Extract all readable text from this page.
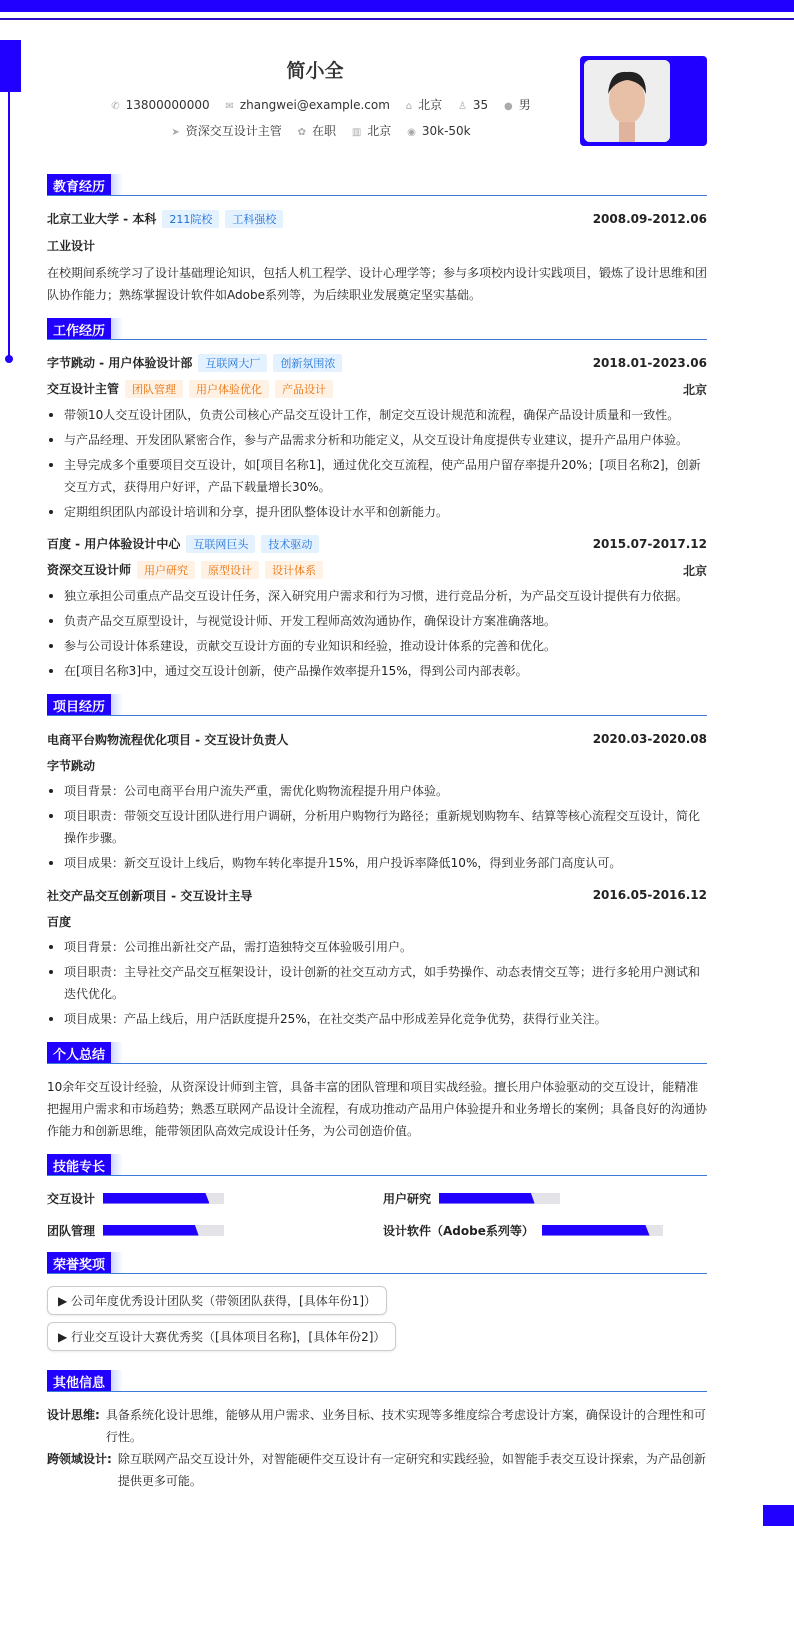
简小全
✆ 13800000000 ✉ zhangwei@example.com ⌂ 北京 ♙ 35 ● 男
➤ 资深交互设计主管 ✿ 在职 ▥ 北京 ◉ 30k-50k
教育经历
北京工业大学 - 本科 211院校 工科强校	2008.09-2012.06
工业设计

在校期间系统学习了设计基础理论知识，包括人机工程学、设计心理学等；参与多项校内设计实践项目，锻炼了设计思维和团队协作能力；熟练掌握设计软件如Adobe系列等，为后续职业发展奠定坚实基础。

工作经历
字节跳动 - 用户体验设计部 互联网大厂 创新氛围浓	2018.01-2023.06
交互设计主管 团队管理 用户体验优化 产品设计	北京
带领10人交互设计团队，负责公司核心产品交互设计工作，制定交互设计规范和流程，确保产品设计质量和一致性。
与产品经理、开发团队紧密合作，参与产品需求分析和功能定义，从交互设计角度提供专业建议，提升产品用户体验。
主导完成多个重要项目交互设计，如[项目名称1]，通过优化交互流程，使产品用户留存率提升20%；[项目名称2]，创新交互方式，获得用户好评，产品下载量增长30%。
定期组织团队内部设计培训和分享，提升团队整体设计水平和创新能力。
百度 - 用户体验设计中心 互联网巨头 技术驱动	2015.07-2017.12
资深交互设计师 用户研究 原型设计 设计体系	北京
独立承担公司重点产品交互设计任务，深入研究用户需求和行为习惯，进行竞品分析，为产品交互设计提供有力依据。
负责产品交互原型设计，与视觉设计师、开发工程师高效沟通协作，确保设计方案准确落地。
参与公司设计体系建设，贡献交互设计方面的专业知识和经验，推动设计体系的完善和优化。
在[项目名称3]中，通过交互设计创新，使产品操作效率提升15%，得到公司内部表彰。
项目经历
电商平台购物流程优化项目 - 交互设计负责人	2020.03-2020.08
字节跳动
项目背景：公司电商平台用户流失严重，需优化购物流程提升用户体验。
项目职责：带领交互设计团队进行用户调研，分析用户购物行为路径；重新规划购物车、结算等核心流程交互设计，简化操作步骤。
项目成果：新交互设计上线后，购物车转化率提升15%，用户投诉率降低10%，得到业务部门高度认可。
社交产品交互创新项目 - 交互设计主导	2016.05-2016.12
百度
项目背景：公司推出新社交产品，需打造独特交互体验吸引用户。
项目职责：主导社交产品交互框架设计，设计创新的社交互动方式，如手势操作、动态表情交互等；进行多轮用户测试和迭代优化。
项目成果：产品上线后，用户活跃度提升25%，在社交类产品中形成差异化竞争优势，获得行业关注。
个人总结

10余年交互设计经验，从资深设计师到主管，具备丰富的团队管理和项目实战经验。擅长用户体验驱动的交互设计，能精准把握用户需求和市场趋势；熟悉互联网产品设计全流程，有成功推动产品用户体验提升和业务增长的案例；具备良好的沟通协作能力和创新思维，能带领团队高效完成设计任务，为公司创造价值。

技能专长
交互设计	用户研究
团队管理	设计软件（Adobe系列等）
荣誉奖项
▶ 公司年度优秀设计团队奖（带领团队获得，[具体年份1]）
▶ 行业交互设计大赛优秀奖（[具体项目名称]，[具体年份2]）
其他信息
设计思维: 具备系统化设计思维，能够从用户需求、业务目标、技术实现等多维度综合考虑设计方案，确保设计的合理性和可行性。
跨领域设计: 除互联网产品交互设计外，对智能硬件交互设计有一定研究和实践经验，如智能手表交互设计探索，为产品创新提供更多可能。
